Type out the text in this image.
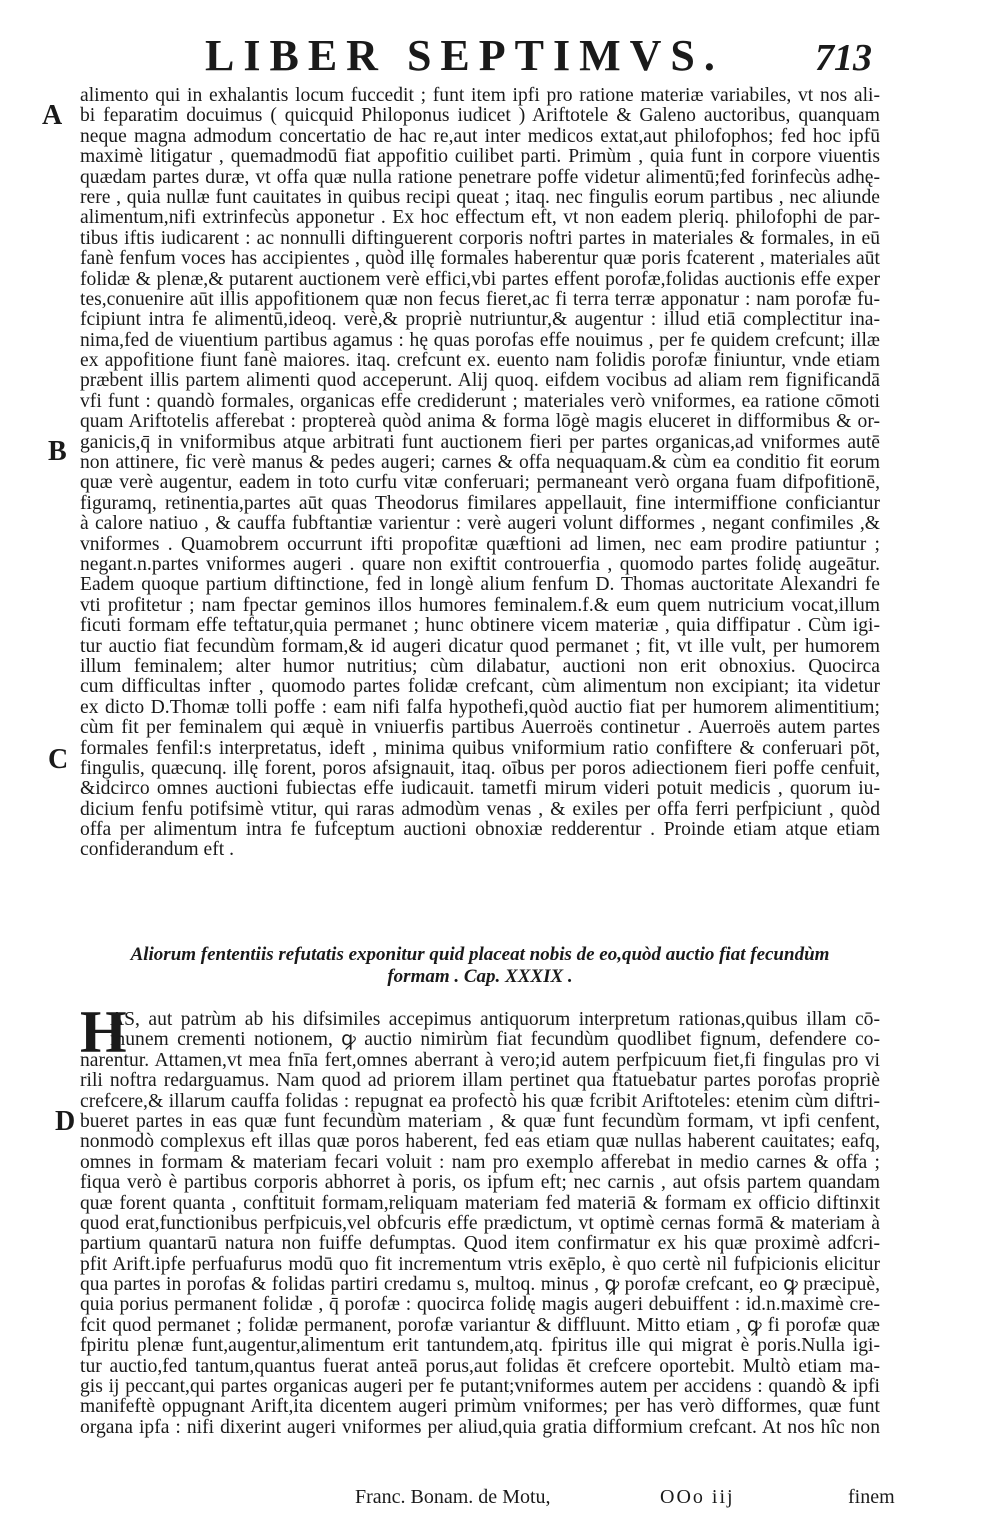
LIBER SEPTIMVS. 713
A
B
C
D
alimento qui in exhalantis locum fuccedit ; funt item ipfi pro ratione materiæ variabiles, vt nos ali-
bi feparatim docuimus ( quicquid Philoponus iudicet ) Ariftotele & Galeno auctoribus, quanquam
neque magna admodum concertatio de hac re,aut inter medicos extat,aut philofophos; fed hoc ipfū
maximè litigatur , quemadmodū fiat appofitio cuilibet parti. Primùm , quia funt in corpore viuentis
quædam partes duræ, vt offa quæ nulla ratione penetrare poffe videtur alimentū;fed forinfecùs adhę-
rere , quia nullæ funt cauitates in quibus recipi queat ; itaq. nec fingulis eorum partibus , nec aliunde
alimentum,nifi extrinfecùs apponetur . Ex hoc effectum eft, vt non eadem pleriq. philofophi de par-
tibus iftis iudicarent : ac nonnulli diftinguerent corporis noftri partes in materiales & formales, in eū
fanè fenfum voces has accipientes , quòd illę formales haberentur quæ poris fcaterent , materiales aūt
folidæ & plenæ,& putarent auctionem verè effici,vbi partes effent porofæ,folidas auctionis effe exper
tes,conuenire aūt illis appofitionem quæ non fecus fieret,ac fi terra terræ apponatur : nam porofæ fu-
fcipiunt intra fe alimentū,ideoq. verè,& propriè nutriuntur,& augentur : illud etiā complectitur ina-
nima,fed de viuentium partibus agamus : hę quas porofas effe nouimus , per fe quidem crefcunt; illæ
ex appofitione fiunt fanè maiores. itaq. crefcunt ex. euento nam folidis porofæ finiuntur, vnde etiam
præbent illis partem alimenti quod acceperunt. Alij quoq. eifdem vocibus ad aliam rem fignificandā
vfi funt : quandò formales, organicas effe crediderunt ; materiales verò vniformes, ea ratione cōmoti
quam Ariftotelis afferebat : proptereà quòd anima & forma lōgè magis eluceret in difformibus & or-
ganicis,q̄ in vniformibus atque arbitrati funt auctionem fieri per partes organicas,ad vniformes autē
non attinere, fic verè manus & pedes augeri; carnes & offa nequaquam.& cùm ea conditio fit eorum
quæ verè augentur, eadem in toto curfu vitæ conferuari; permaneant verò organa fuam difpofitionē,
figuramq, retinentia,partes aūt quas Theodorus fimilares appellauit, fine intermiffione conficiantur
à calore natiuo , & cauffa fubftantiæ varientur : verè augeri volunt difformes , negant confimiles ,&
vniformes . Quamobrem occurrunt ifti propofitæ quæftioni ad limen, nec eam prodire patiuntur ;
negant.n.partes vniformes augeri . quare non exiftit controuerfia , quomodo partes folidę augeātur.
Eadem quoque partium diftinctione, fed in longè alium fenfum D. Thomas auctoritate Alexandri fe
vti profitetur ; nam fpectar geminos illos humores feminalem.f.& eum quem nutricium vocat,illum
ficuti formam effe teftatur,quia permanet ; hunc obtinere vicem materiæ , quia diffipatur . Cùm igi-
tur auctio fiat fecundùm formam,& id augeri dicatur quod permanet ; fit, vt ille vult, per humorem
illum feminalem; alter humor nutritius; cùm dilabatur, auctioni non erit obnoxius. Quocirca
cum difficultas infter , quomodo partes folidæ crefcant, cùm alimentum non excipiant; ita videtur
ex dicto D.Thomæ tolli poffe : eam nifi falfa hypothefi,quòd auctio fiat per humorem alimentitium;
cùm fit per feminalem qui æquè in vniuerfis partibus Auerroës continetur . Auerroës autem partes
formales fenfil:s interpretatus, ideft , minima quibus vniformium ratio confiftere & conferuari pōt,
fingulis, quæcunq. illę forent, poros afsignauit, itaq. oībus per poros adiectionem fieri poffe cenfuit,
&idcirco omnes auctioni fubiectas effe iudicauit. tametfi mirum videri potuit medicis , quorum iu-
dicium fenfu potifsimè vtitur, qui raras admodùm venas , & exiles per offa ferri perfpiciunt , quòd
offa per alimentum intra fe fufceptum auctioni obnoxiæ redderentur . Proinde etiam atque etiam
confiderandum eft .
Aliorum fententiis refutatis exponitur quid placeat nobis de eo,quòd auctio fiat fecundùm
formam . Cap. XXXIX .
H
AS, aut patrùm ab his difsimiles accepimus antiquorum interpretum rationas,quibus illam cō-
munem crementi notionem, ꝙ auctio nimirùm fiat fecundùm quodlibet fignum, defendere co-
narentur. Attamen,vt mea fnīa fert,omnes aberrant à vero;id autem perfpicuum fiet,fi fingulas pro vi
rili noftra redarguamus. Nam quod ad priorem illam pertinet qua ftatuebatur partes porofas propriè
crefcere,& illarum cauffa folidas : repugnat ea profectò his quæ fcribit Ariftoteles: etenim cùm diftri-
bueret partes in eas quæ funt fecundùm materiam , & quæ funt fecundùm formam, vt ipfi cenfent,
nonmodò complexus eft illas quæ poros haberent, fed eas etiam quæ nullas haberent cauitates; eafq,
omnes in formam & materiam fecari voluit : nam pro exemplo afferebat in medio carnes & offa ;
fiqua verò è partibus corporis abhorret à poris, os ipfum eft; nec carnis , aut ofsis partem quandam
quæ forent quanta , conftituit formam,reliquam materiam fed materiā & formam ex officio diftinxit
quod erat,functionibus perfpicuis,vel obfcuris effe prædictum, vt optimè cernas formā & materiam à
partium quantarū natura non fuiffe defumptas. Quod item confirmatur ex his quæ proximè adfcri-
pfit Arift.ipfe perfuafurus modū quo fit incrementum vtris exēplo, è quo certè nil fufpicionis elicitur
qua partes in porofas & folidas partiri credamu s, multoq. minus , ꝙ porofæ crefcant, eo ꝙ præcipuè,
quia porius permanent folidæ , q̄ porofæ : quocirca folidę magis augeri debuiffent : id.n.maximè cre-
fcit quod permanet ; folidæ permanent, porofæ variantur & diffluunt. Mitto etiam , ꝙ fi porofæ quæ
fpiritu plenæ funt,augentur,alimentum erit tantundem,atq. fpiritus ille qui migrat è poris.Nulla igi-
tur auctio,fed tantum,quantus fuerat anteā porus,aut folidas ēt crefcere oportebit. Multò etiam ma-
gis ij peccant,qui partes organicas augeri per fe putant;vniformes autem per accidens : quandò & ipfi
manifeftè oppugnant Arift,ita dicentem augeri primùm vniformes; per has verò difformes, quæ funt
organa ipfa : nifi dixerint augeri vniformes per aliud,quia gratia difformium crefcant. At nos hîc non
Franc. Bonam. de Motu,	OOo iij	finem
